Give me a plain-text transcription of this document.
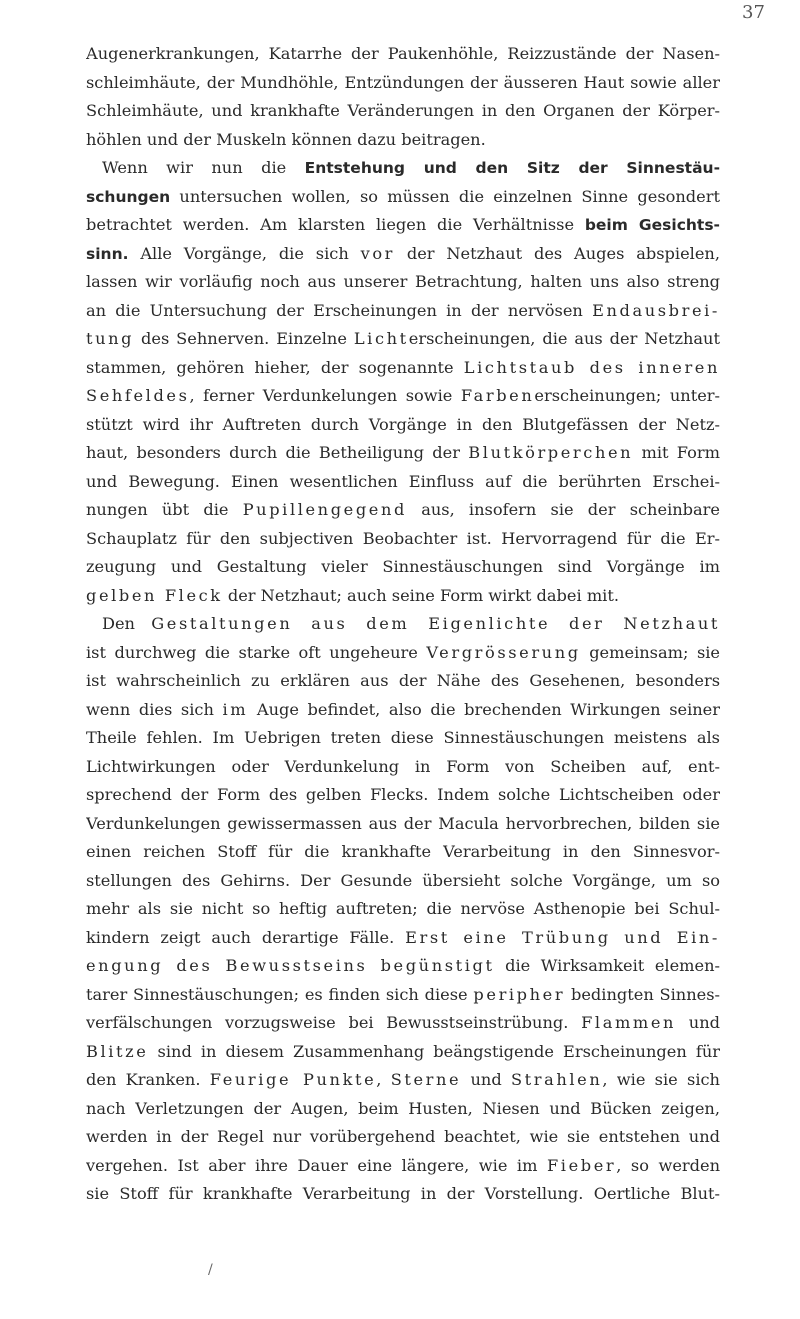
37
Augenerkrankungen, Katarrhe der Paukenhöhle, Reizzustände der Nasen-
schleimhäute, der Mundhöhle, Entzündungen der äusseren Haut sowie aller
Schleimhäute, und krankhafte Veränderungen in den Organen der Körper-
höhlen und der Muskeln können dazu beitragen.
Wenn wir nun die Entstehung und den Sitz der Sinnestäu-
schungen untersuchen wollen, so müssen die einzelnen Sinne gesondert
betrachtet werden. Am klarsten liegen die Verhältnisse beim Gesichts-
sinn. Alle Vorgänge, die sich vor der Netzhaut des Auges abspielen,
lassen wir vorläufig noch aus unserer Betrachtung, halten uns also streng
an die Untersuchung der Erscheinungen in der nervösen Endausbrei-
tung des Sehnerven. Einzelne Lichterscheinungen, die aus der Netzhaut
stammen, gehören hieher, der sogenannte Lichtstaub des inneren
Sehfeldes, ferner Verdunkelungen sowie Farbenerscheinungen; unter-
stützt wird ihr Auftreten durch Vorgänge in den Blutgefässen der Netz-
haut, besonders durch die Betheiligung der Blutkörperchen mit Form
und Bewegung. Einen wesentlichen Einfluss auf die berührten Erschei-
nungen übt die Pupillengegend aus, insofern sie der scheinbare
Schauplatz für den subjectiven Beobachter ist. Hervorragend für die Er-
zeugung und Gestaltung vieler Sinnestäuschungen sind Vorgänge im
gelben Fleck der Netzhaut; auch seine Form wirkt dabei mit.
Den Gestaltungen aus dem Eigenlichte der Netzhaut
ist durchweg die starke oft ungeheure Vergrösserung gemeinsam; sie
ist wahrscheinlich zu erklären aus der Nähe des Gesehenen, besonders
wenn dies sich im Auge befindet, also die brechenden Wirkungen seiner
Theile fehlen. Im Uebrigen treten diese Sinnestäuschungen meistens als
Lichtwirkungen oder Verdunkelung in Form von Scheiben auf, ent-
sprechend der Form des gelben Flecks. Indem solche Lichtscheiben oder
Verdunkelungen gewissermassen aus der Macula hervorbrechen, bilden sie
einen reichen Stoff für die krankhafte Verarbeitung in den Sinnesvor-
stellungen des Gehirns. Der Gesunde übersieht solche Vorgänge, um so
mehr als sie nicht so heftig auftreten; die nervöse Asthenopie bei Schul-
kindern zeigt auch derartige Fälle. Erst eine Trübung und Ein-
engung des Bewusstseins begünstigt die Wirksamkeit elemen-
tarer Sinnestäuschungen; es finden sich diese peripher bedingten Sinnes-
verfälschungen vorzugsweise bei Bewusstseinstrübung. Flammen und
Blitze sind in diesem Zusammenhang beängstigende Erscheinungen für
den Kranken. Feurige Punkte, Sterne und Strahlen, wie sie sich
nach Verletzungen der Augen, beim Husten, Niesen und Bücken zeigen,
werden in der Regel nur vorübergehend beachtet, wie sie entstehen und
vergehen. Ist aber ihre Dauer eine längere, wie im Fieber, so werden
sie Stoff für krankhafte Verarbeitung in der Vorstellung. Oertliche Blut-
/
